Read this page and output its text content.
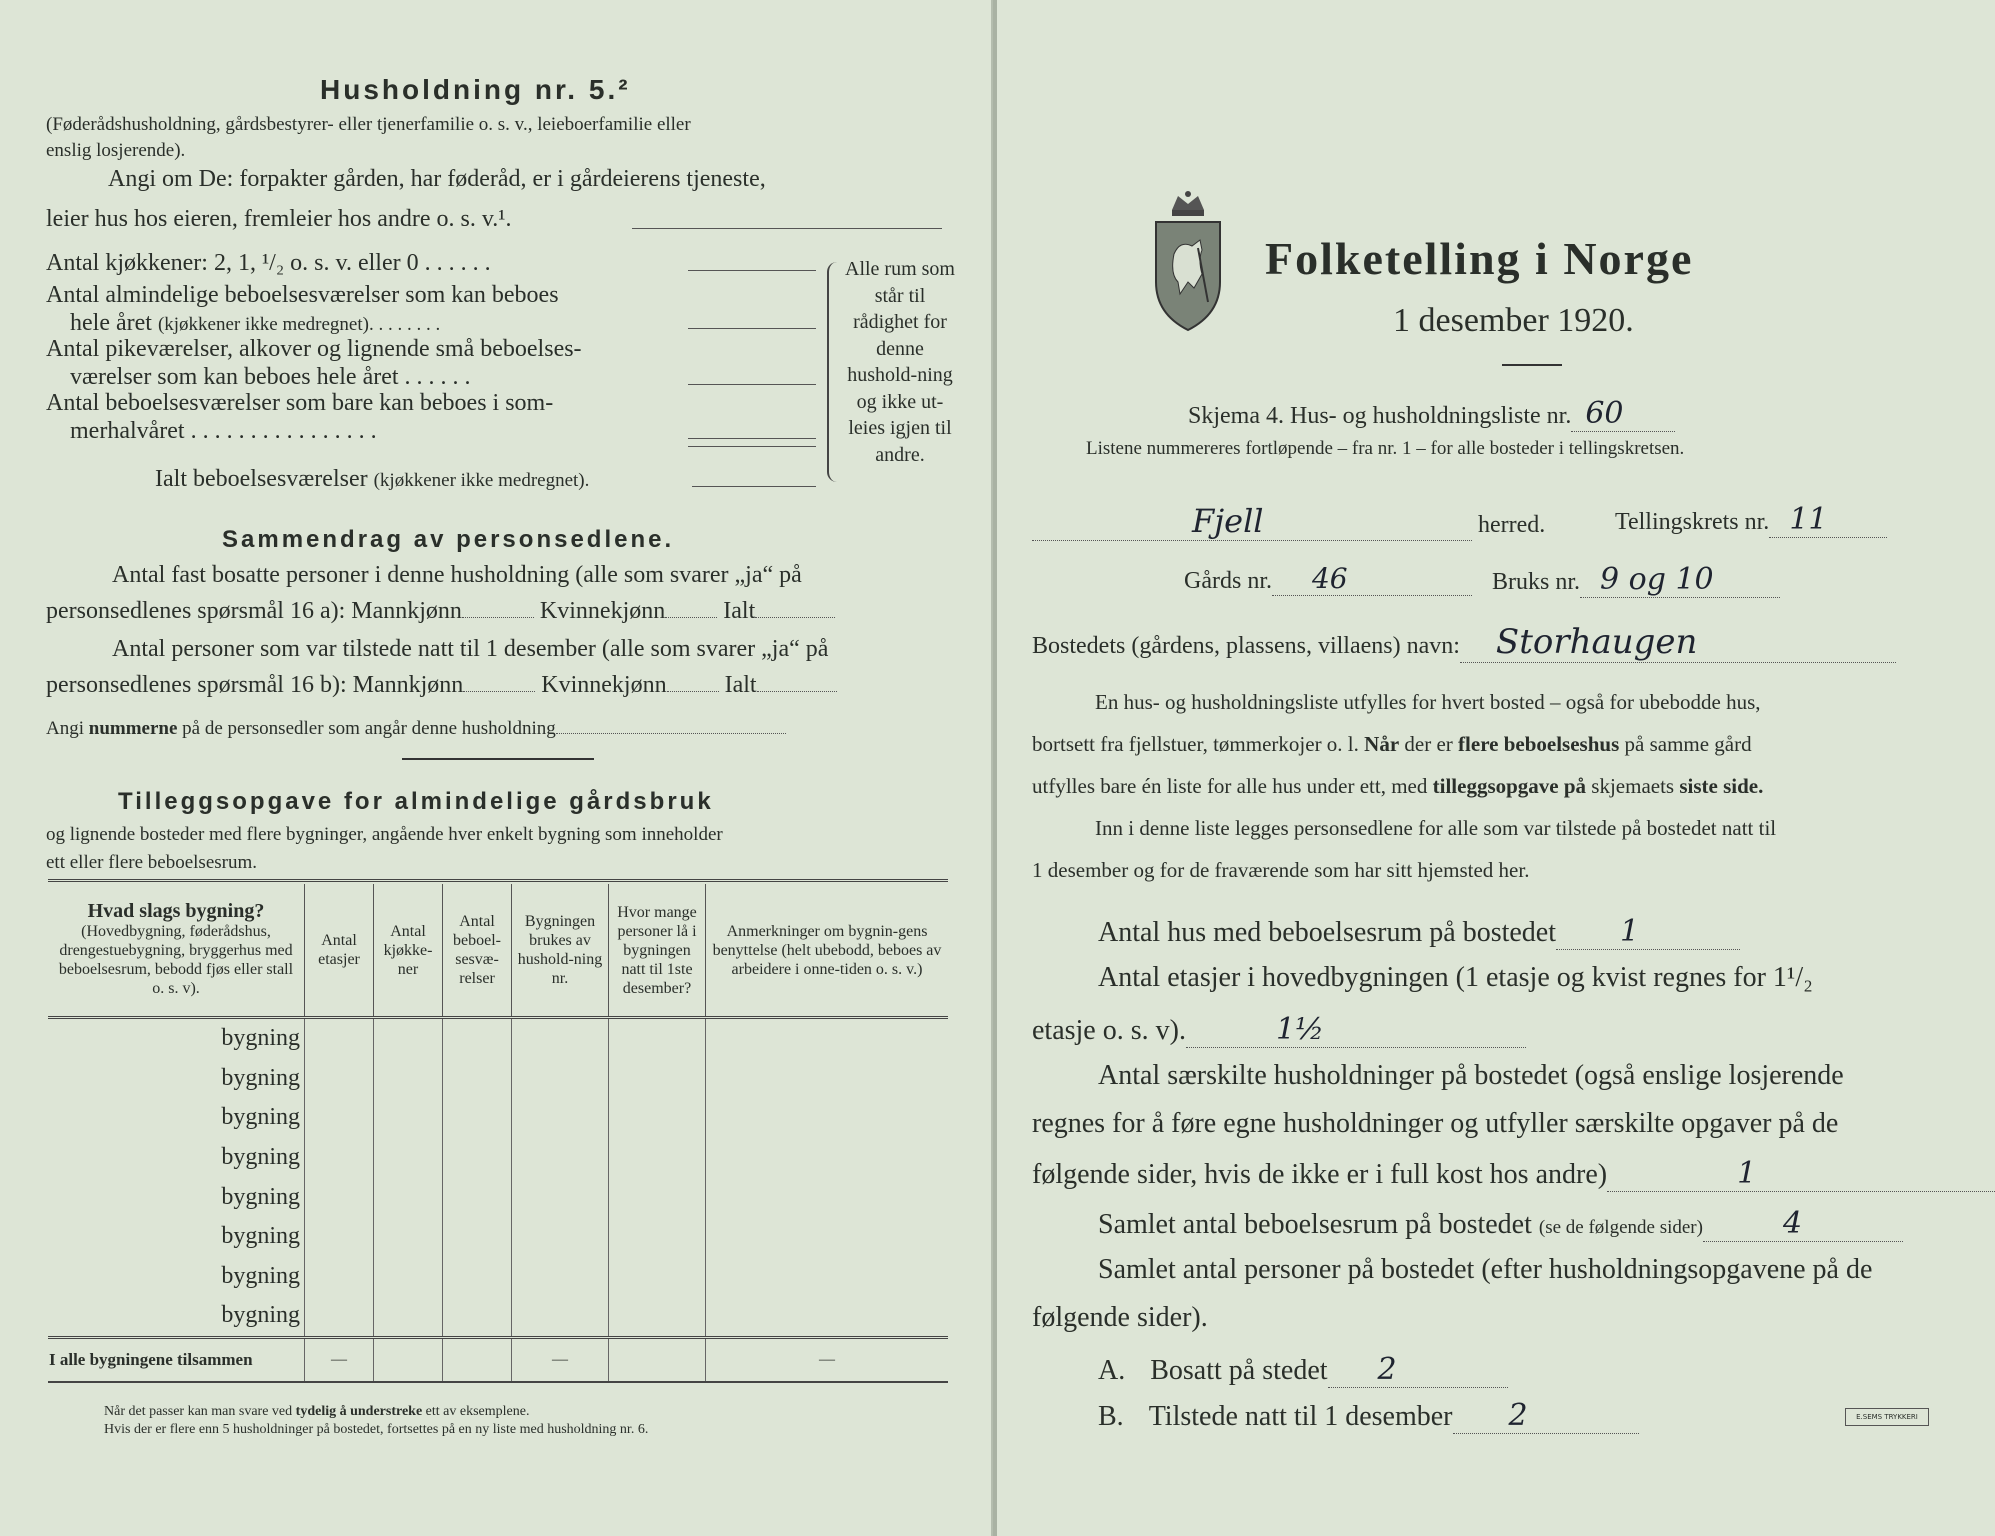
Husholdning nr. 5.²
(Føderådshusholdning, gårdsbestyrer- eller tjenerfamilie o. s. v., leieboerfamilie eller
enslig losjerende).
Angi om De: forpakter gården, har føderåd, er i gårdeierens tjeneste,
leier hus hos eieren, fremleier hos andre o. s. v.¹.
Antal kjøkkener: 2, 1, ¹/₂ o. s. v. eller 0 . . . . . .
Antal almindelige beboelsesværelser som kan beboes
hele året (kjøkkener ikke medregnet). . . . . . . .
Antal pikeværelser, alkover og lignende små beboelses-
værelser som kan beboes hele året . . . . . .
Antal beboelsesværelser som bare kan beboes i som-
merhalvåret . . . . . . . . . . . . . . . .
Ialt beboelsesværelser (kjøkkener ikke medregnet).
Alle rum som står til rådighet for denne hushold-ning og ikke ut-leies igjen til andre.
Sammendrag av personsedlene.
Antal fast bosatte personer i denne husholdning (alle som svarer „ja“ på
personsedlenes spørsmål 16 a): Mannkjønn	Kvinnekjønn Ialt
Antal personer som var tilstede natt til 1 desember (alle som svarer „ja“ på
personsedlenes spørsmål 16 b): Mannkjønn	Kvinnekjønn Ialt
Angi nummerne på de personsedler som angår denne husholdning
Tilleggsopgave for almindelige gårdsbruk
og lignende bosteder med flere bygninger, angående hver enkelt bygning som inneholder
ett eller flere beboelsesrum.
Hvad slags bygning?
(Hovedbygning, føderådshus, drengestuebygning, bryggerhus med beboelsesrum, bebodd fjøs eller stall o. s. v).	Antal etasjer	Antal kjøkke-ner	Antal beboel-sesvæ-relser	Bygningen brukes av hushold-ning nr.	Hvor mange personer lå i bygningen natt til 1ste desember?	Anmerkninger om bygnin-gens benyttelse (helt ubebodd, beboes av arbeidere i onne-tiden o. s. v.)
bygning						
bygning						
bygning						
bygning						
bygning						
bygning						
bygning						
bygning						
I alle bygningene tilsammen	—			—		—
Når det passer kan man svare ved tydelig å understreke ett av eksemplene.
Hvis der er flere enn 5 husholdninger på bostedet, fortsettes på en ny liste med husholdning nr. 6.
Folketelling i Norge
1 desember 1920.
Skjema 4. Hus- og husholdningsliste nr. 60
Listene nummereres fortløpende – fra nr. 1 – for alle bosteder i tellingskretsen.
Fjell	herred.	Tellingskrets nr. 11
Gårds nr. 46	Bruks nr. 9 og 10
Bostedets (gårdens, plassens, villaens) navn: Storhaugen
En hus- og husholdningsliste utfylles for hvert bosted – også for ubebodde hus,
bortsett fra fjellstuer, tømmerkojer o. l. Når der er flere beboelseshus på samme gård
utfylles bare én liste for alle hus under ett, med tilleggsopgave på skjemaets siste side.
Inn i denne liste legges personsedlene for alle som var tilstede på bostedet natt til
1 desember og for de fraværende som har sitt hjemsted her.
Antal hus med beboelsesrum på bostedet 1
Antal etasjer i hovedbygningen (1 etasje og kvist regnes for 1¹/₂
etasje o. s. v).	1½
Antal særskilte husholdninger på bostedet (også enslige losjerende
regnes for å føre egne husholdninger og utfyller særskilte opgaver på de
følgende sider, hvis de ikke er i full kost hos andre)	1
Samlet antal beboelsesrum på bostedet (se de følgende sider)	4
Samlet antal personer på bostedet (efter husholdningsopgavene på de
følgende sider).
A. Bosatt på stedet 2
B. Tilstede natt til 1 desember 2	E.SEMS TRYKKERI
